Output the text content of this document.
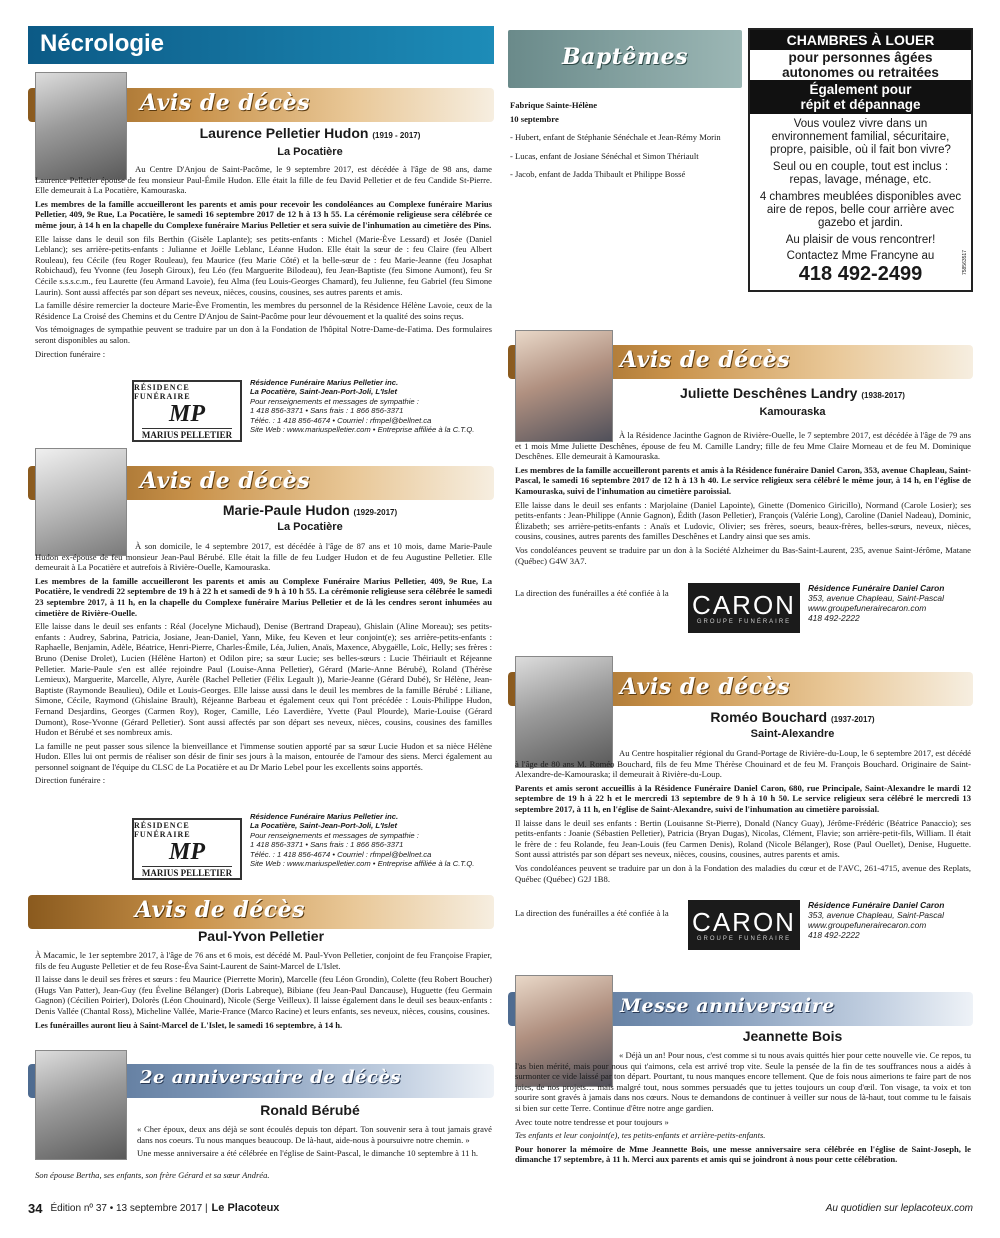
Nécrologie
Avis de décès
Laurence Pelletier Hudon (1919 - 2017)
La Pocatière

Au Centre D'Anjou de Saint-Pacôme, le 9 septembre 2017, est décédée à l'âge de 98 ans, dame Laurence Pelletier épouse de feu monsieur Paul-Émile Hudon. Elle était la fille de feu David Pelletier et de feu Candide St-Pierre. Elle demeurait à La Pocatière, Kamouraska.

Les membres de la famille accueilleront les parents et amis pour recevoir les condoléances au Complexe funéraire Marius Pelletier, 409, 9e Rue, La Pocatière, le samedi 16 septembre 2017 de 12 h à 13 h 55. La cérémonie religieuse sera célébrée ce même jour, à 14 h en la chapelle du Complexe funéraire Marius Pelletier et sera suivie de l'inhumation au cimetière des Pins.

Elle laisse dans le deuil son fils Berthin (Gisèle Laplante); ses petits-enfants : Michel (Marie-Ève Lessard) et Josée (Daniel Leblanc); ses arrière-petits-enfants : Julianne et Joëlle Leblanc, Léanne Hudon. Elle était la sœur de : feu Claire (feu Albert Rouleau), feu Cécile (feu Roger Rouleau), feu Maurice (feu Marie Côté) et la belle-sœur de : feu Marie-Jeanne (feu Josaphat Robichaud), feu Yvonne (feu Joseph Giroux), feu Léo (feu Marguerite Bilodeau), feu Jean-Baptiste (feu Simone Aumont), feu Sr Cécile s.s.s.c.m., feu Laurette (feu Armand Lavoie), feu Alma (feu Louis-Georges Chamard), feu Julienne, feu Gabriel (feu Simone Laurin). Sont aussi affectés par son départ ses neveux, nièces, cousins, cousines, ses autres parents et amis.

La famille désire remercier la docteure Marie-Ève Fromentin, les membres du personnel de la Résidence Hélène Lavoie, ceux de la Résidence La Croisé des Chemins et du Centre D'Anjou de Saint-Pacôme pour leur dévouement et la qualité des soins reçus.

Vos témoignages de sympathie peuvent se traduire par un don à la Fondation de l'hôpital Notre-Dame-de-Fatima. Des formulaires seront disponibles au salon.

Direction funéraire :

RÉSIDENCE FUNÉRAIRE
MP
MARIUS PELLETIER
Résidence Funéraire Marius Pelletier inc.
La Pocatière, Saint-Jean-Port-Joli, L'Islet
Pour renseignements et messages de sympathie :
1 418 856-3371 • Sans frais : 1 866 856-3371
Téléc. : 1 418 856-4674 • Courriel : rfmpel@bellnet.ca
Site Web : www.mariuspelletier.com • Entreprise affiliée à la C.T.Q.
Avis de décès
Marie-Paule Hudon (1929-2017)
La Pocatière

À son domicile, le 4 septembre 2017, est décédée à l'âge de 87 ans et 10 mois, dame Marie-Paule Hudon ex-épouse de feu monsieur Jean-Paul Bérubé. Elle était la fille de feu Ludger Hudon et de feu Augustine Pelletier. Elle demeurait à La Pocatière et autrefois à Rivière-Ouelle, Kamouraska.

Les membres de la famille accueilleront les parents et amis au Complexe Funéraire Marius Pelletier, 409, 9e Rue, La Pocatière, le vendredi 22 septembre de 19 h à 22 h et samedi de 9 h à 10 h 55. La cérémonie religieuse sera célébrée le samedi 23 septembre 2017, à 11 h, en la chapelle du Complexe funéraire Marius Pelletier et de là les cendres seront inhumées au cimetière de Rivière-Ouelle.

Elle laisse dans le deuil ses enfants : Réal (Jocelyne Michaud), Denise (Bertrand Drapeau), Ghislain (Aline Moreau); ses petits-enfants : Audrey, Sabrina, Patricia, Josiane, Jean-Daniel, Yann, Mike, feu Keven et leur conjoint(e); ses arrière-petits-enfants : Raphaelle, Benjamin, Adèle, Béatrice, Henri-Pierre, Charles-Émile, Léa, Julien, Anaïs, Maxence, Abygaëlle, Loïc, Helly; ses frères : Bruno (Denise Drolet), Lucien (Hélène Harton) et Odilon pire; sa sœur Lucie; ses belles-sœurs : Lucie Théiriault et Réjeanne Pelletier. Marie-Paule s'en est allée rejoindre Paul (Louise-Anna Pelletier), Gérard (Marie-Anne Bérubé), Roland (Thérèse Lemieux), Marguerite, Marcelle, Alyre, Aurèle (Rachel Pelletier (Félix Legault )), Marie-Jeanne (Gérard Dubé), Sr Hélène, Jean-Baptiste (Raymonde Beaulieu), Odile et Louis-Georges. Elle laisse aussi dans le deuil les membres de la famille Bérubé : Liliane, Simone, Cécile, Raymond (Ghislaine Brault), Réjeanne Barbeau et également ceux qui l'ont précédée : Louis-Philippe Hudon, Fernand Desjardins, Georges (Carmen Roy), Roger, Camille, Léo Laverdière, Yvette (Paul Plourde), Marie-Louise (Gérard Dumont), Rose-Yvonne (Gérard Pelletier). Sont aussi affectés par son départ ses neveux, nièces, cousins, cousines des familles Hudon et Bérubé et ses nombreux amis.

La famille ne peut passer sous silence la bienveillance et l'immense soutien apporté par sa sœur Lucie Hudon et sa nièce Hélène Hudon. Elles lui ont permis de réaliser son désir de finir ses jours à la maison, entourée de l'amour des siens. Merci également au personnel soignant de l'équipe du CLSC de La Pocatière et au Dr Mario Lebel pour les excellents soins apportés.

Direction funéraire :

RÉSIDENCE FUNÉRAIRE
MP
MARIUS PELLETIER
Résidence Funéraire Marius Pelletier inc.
La Pocatière, Saint-Jean-Port-Joli, L'Islet
Pour renseignements et messages de sympathie :
1 418 856-3371 • Sans frais : 1 866 856-3371
Téléc. : 1 418 856-4674 • Courriel : rfmpel@bellnet.ca
Site Web : www.mariuspelletier.com • Entreprise affiliée à la C.T.Q.
Avis de décès
Paul-Yvon Pelletier

À Macamic, le 1er septembre 2017, à l'âge de 76 ans et 6 mois, est décédé M. Paul-Yvon Pelletier, conjoint de feu Françoise Frapier, fils de feu Auguste Pelletier et de feu Rose-Éva Saint-Laurent de Saint-Marcel de L'Islet.

Il laisse dans le deuil ses frères et sœurs : feu Maurice (Pierrette Morin), Marcelle (feu Léon Grondin), Colette (feu Robert Boucher) (Hugs Van Patter), Jean-Guy (feu Éveline Bélanger) (Doris Labreque), Bibiane (feu Jean-Paul Dancause), Huguette (feu Germain Gagnon) (Cécilien Poirier), Dolorès (Léon Chouinard), Nicole (Serge Veilleux). Il laisse également dans le deuil ses beaux-enfants : Denis Vallée (Chantal Ross), Micheline Vallée, Marie-France (Marco Racine) et leurs enfants, ses neveux, nièces, cousins, cousines.

Les funérailles auront lieu à Saint-Marcel de L'Islet, le samedi 16 septembre, à 14 h.

2e anniversaire de décès
Ronald Bérubé

« Cher époux, deux ans déjà se sont écoulés depuis ton départ. Ton souvenir sera à tout jamais gravé dans nos coeurs. Tu nous manques beaucoup. De là-haut, aide-nous à poursuivre notre chemin. »

Une messe anniversaire a été célébrée en l'église de Saint-Pascal, le dimanche 10 septembre à 11 h.

Son épouse Bertha, ses enfants, son frère Gérard et sa sœur Andréa.
Baptêmes

Fabrique Sainte-Hélène

10 septembre

- Hubert, enfant de Stéphanie Sénéchale et Jean-Rémy Morin

- Lucas, enfant de Josiane Sénéchal et Simon Thériault

- Jacob, enfant de Jadda Thibault et Philippe Bossé

CHAMBRES À LOUER
pour personnes âgées
autonomes ou retraitées
Également pour
répit et dépannage
Vous voulez vivre dans un environnement familial, sécuritaire, propre, paisible, où il fait bon vivre?
Seul ou en couple, tout est inclus : repas, lavage, ménage, etc.
4 chambres meublées disponibles avec aire de repos, belle cour arrière avec gazebo et jardin.
Au plaisir de vous rencontrer!
Contactez Mme Francyne au
418 492-2499	758563517
Avis de décès
Juliette Deschênes Landry (1938-2017)
Kamouraska

À la Résidence Jacinthe Gagnon de Rivière-Ouelle, le 7 septembre 2017, est décédée à l'âge de 79 ans et 1 mois Mme Juliette Deschênes, épouse de feu M. Camille Landry; fille de feu Mme Claire Morneau et de feu M. Dominique Deschênes. Elle demeurait à Kamouraska.

Les membres de la famille accueilleront parents et amis à la Résidence funéraire Daniel Caron, 353, avenue Chapleau, Saint-Pascal, le samedi 16 septembre 2017 de 12 h à 13 h 40. Le service religieux sera célébré le même jour, à 14 h, en l'église de Kamouraska, suivi de l'inhumation au cimetière paroissial.

Elle laisse dans le deuil ses enfants : Marjolaine (Daniel Lapointe), Ginette (Domenico Giricillo), Normand (Carole Losier); ses petits-enfants : Jean-Philippe (Annie Gagnon), Édith (Jason Pelletier), François (Valérie Long), Caroline (Daniel Nadeau), Dominic, Élizabeth; ses arrière-petits-enfants : Anaïs et Ludovic, Olivier; ses frères, soeurs, beaux-frères, belles-sœurs, neveux, nièces, cousins, cousines, autres parents des familles Deschênes et Landry ainsi que ses amis.

Vos condoléances peuvent se traduire par un don à la Société Alzheimer du Bas-Saint-Laurent, 235, avenue Saint-Jérôme, Matane (Québec) G4W 3A7.

La direction des funérailles a été confiée à la CARON
GROUPE FUNÉRAIRE
Résidence Funéraire Daniel Caron
353, avenue Chapleau, Saint-Pascal
www.groupefunerairecaron.com
418 492-2222
Avis de décès
Roméo Bouchard (1937-2017)
Saint-Alexandre

Au Centre hospitalier régional du Grand-Portage de Rivière-du-Loup, le 6 septembre 2017, est décédé à l'âge de 80 ans M. Roméo Bouchard, fils de feu Mme Thérèse Chouinard et de feu M. François Bouchard. Originaire de Saint-Alexandre-de-Kamouraska; il demeurait à Rivière-du-Loup.

Parents et amis seront accueillis à la Résidence Funéraire Daniel Caron, 680, rue Principale, Saint-Alexandre le mardi 12 septembre de 19 h à 22 h et le mercredi 13 septembre de 9 h à 10 h 50. Le service religieux sera célébré le mercredi 13 septembre 2017, à 11 h, en l'église de Saint-Alexandre, suivi de l'inhumation au cimetière paroissial.

Il laisse dans le deuil ses enfants : Bertin (Louisanne St-Pierre), Donald (Nancy Guay), Jérôme-Frédéric (Béatrice Panaccio); ses petits-enfants : Joanie (Sébastien Pelletier), Patricia (Bryan Dugas), Nicolas, Clément, Flavie; son arrière-petit-fils, William. Il était le frère de : feu Rolande, feu Jean-Louis (feu Carmen Denis), Roland (Nicole Bélanger), Rose (Paul Ouellet), Denise, Huguette. Sont aussi attristés par son départ ses neveux, nièces, cousins, cousines, autres parents et amis.

Vos condoléances peuvent se traduire par un don à la Fondation des maladies du cœur et de l'AVC, 261-4715, avenue des Replats, Québec (Québec) G2J 1B8.

La direction des funérailles a été confiée à la CARON
GROUPE FUNÉRAIRE
Résidence Funéraire Daniel Caron
353, avenue Chapleau, Saint-Pascal
www.groupefunerairecaron.com
418 492-2222
Messe anniversaire
Jeannette Bois

« Déjà un an! Pour nous, c'est comme si tu nous avais quittés hier pour cette nouvelle vie. Ce repos, tu l'as bien mérité, mais pour nous qui t'aimons, cela est arrivé trop vite. Seule la pensée de la fin de tes souffrances nous a aidés à surmonter ce vide laissé par ton départ. Pourtant, tu nous manques encore tellement. Que de fois nous aimerions te faire part de nos joies, de nos projets… mais malgré tout, nous sommes persuadés que tu jettes toujours un coup d'œil. Ton visage, ta voix et ton sourire sont gravés à jamais dans nos cœurs. Nous te demandons de continuer à veiller sur nous de là-haut, tout comme tu le faisais si bien sur cette Terre. Continue d'être notre ange gardien.

Avec toute notre tendresse et pour toujours »

Tes enfants et leur conjoint(e), tes petits-enfants et arrière-petits-enfants.

Pour honorer la mémoire de Mme Jeannette Bois, une messe anniversaire sera célébrée en l'église de Saint-Joseph, le dimanche 17 septembre, à 11 h. Merci aux parents et amis qui se joindront à nous pour cette célébration.

34 Édition nº 37 • 13 septembre 2017 | Le Placoteux	Au quotidien sur leplacoteux.com
